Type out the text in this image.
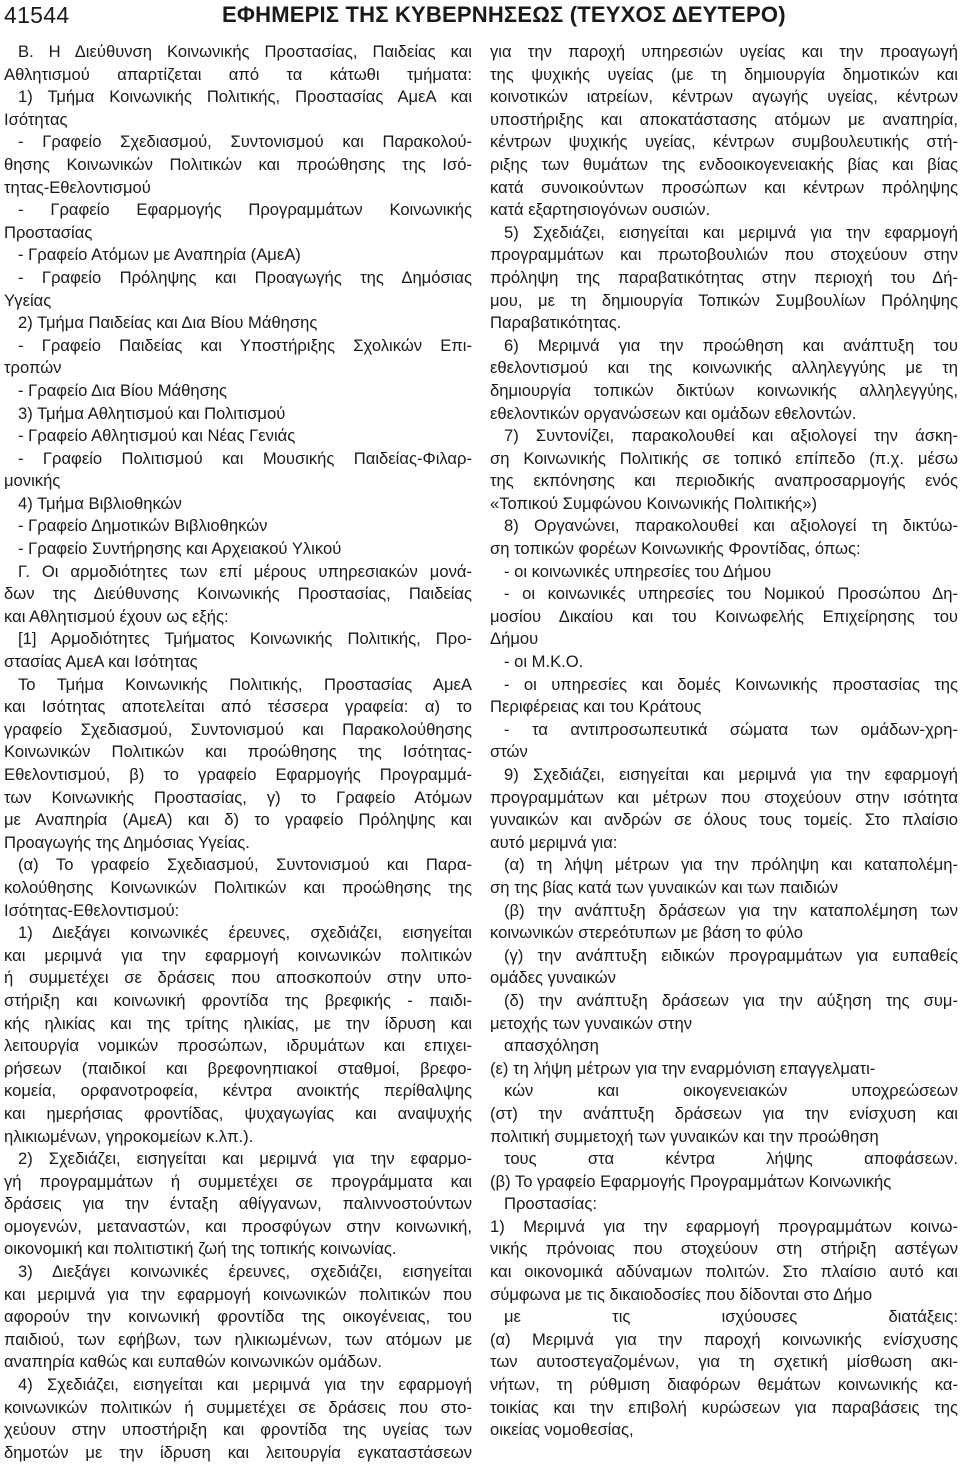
41544	ΕΦΗΜΕΡΙΣ ΤΗΣ ΚΥΒΕΡΝΗΣΕΩΣ (ΤΕΥΧΟΣ ΔΕΥΤΕΡΟ)
Β. Η Διεύθυνση Κοινωνικής Προστασίας, Παιδείας και
Αθλητισμού απαρτίζεται από τα κάτωθι τμήματα:
1) Τμήμα Κοινωνικής Πολιτικής, Προστασίας ΑμεΑ και
Ισότητας
- Γραφείο Σχεδιασμού, Συντονισμού και Παρακολού-
θησης Κοινωνικών Πολιτικών και προώθησης της Ισό-
τητας-Εθελοντισμού
- Γραφείο Εφαρμογής Προγραμμάτων Κοινωνικής
Προστασίας
- Γραφείο Ατόμων με Αναπηρία (ΑμεΑ)
- Γραφείο Πρόληψης και Προαγωγής της Δημόσιας
Υγείας
2) Τμήμα Παιδείας και Δια Βίου Μάθησης
- Γραφείο Παιδείας και Υποστήριξης Σχολικών Επι-
τροπών
- Γραφείο Δια Βίου Μάθησης
3) Τμήμα Αθλητισμού και Πολιτισμού
- Γραφείο Αθλητισμού και Νέας Γενιάς
- Γραφείο Πολιτισμού και Μουσικής Παιδείας-Φιλαρ-
μονικής
4) Τμήμα Βιβλιοθηκών
- Γραφείο Δημοτικών Βιβλιοθηκών
- Γραφείο Συντήρησης και Αρχειακού Υλικού
Γ. Οι αρμοδιότητες των επί μέρους υπηρεσιακών μονά-
δων της Διεύθυνσης Κοινωνικής Προστασίας, Παιδείας
και Αθλητισμού έχουν ως εξής:
[1] Αρμοδιότητες Τμήματος Κοινωνικής Πολιτικής, Προ-
στασίας ΑμεΑ και Ισότητας
Το Τμήμα Κοινωνικής Πολιτικής, Προστασίας ΑμεΑ
και Ισότητας αποτελείται από τέσσερα γραφεία: α) το
γραφείο Σχεδιασμού, Συντονισμού και Παρακολούθησης
Κοινωνικών Πολιτικών και προώθησης της Ισότητας-
Εθελοντισμού, β) το γραφείο Εφαρμογής Προγραμμά-
των Κοινωνικής Προστασίας, γ) το Γραφείο Ατόμων
με Αναπηρία (ΑμεΑ) και δ) το γραφείο Πρόληψης και
Προαγωγής της Δημόσιας Υγείας.
(α) Το γραφείο Σχεδιασμού, Συντονισμού και Παρα-
κολούθησης Κοινωνικών Πολιτικών και προώθησης της
Ισότητας-Εθελοντισμού:
1) Διεξάγει κοινωνικές έρευνες, σχεδιάζει, εισηγείται
και μεριμνά για την εφαρμογή κοινωνικών πολιτικών
ή συμμετέχει σε δράσεις που αποσκοπούν στην υπο-
στήριξη και κοινωνική φροντίδα της βρεφικής - παιδι-
κής ηλικίας και της τρίτης ηλικίας, με την ίδρυση και
λειτουργία νομικών προσώπων, ιδρυμάτων και επιχει-
ρήσεων (παιδικοί και βρεφονηπιακοί σταθμοί, βρεφο-
κομεία, ορφανοτροφεία, κέντρα ανοικτής περίθαλψης
και ημερήσιας φροντίδας, ψυχαγωγίας και αναψυχής
ηλικιωμένων, γηροκομείων κ.λπ.).
2) Σχεδιάζει, εισηγείται και μεριμνά για την εφαρμο-
γή προγραμμάτων ή συμμετέχει σε προγράμματα και
δράσεις για την ένταξη αθίγγανων, παλιννοστούντων
ομογενών, μεταναστών, και προσφύγων στην κοινωνική,
οικονομική και πολιτιστική ζωή της τοπικής κοινωνίας.
3) Διεξάγει κοινωνικές έρευνες, σχεδιάζει, εισηγείται
και μεριμνά για την εφαρμογή κοινωνικών πολιτικών που
αφορούν την κοινωνική φροντίδα της οικογένειας, του
παιδιού, των εφήβων, των ηλικιωμένων, των ατόμων με
αναπηρία καθώς και ευπαθών κοινωνικών ομάδων.
4) Σχεδιάζει, εισηγείται και μεριμνά για την εφαρμογή
κοινωνικών πολιτικών ή συμμετέχει σε δράσεις που στο-
χεύουν στην υποστήριξη και φροντίδα της υγείας των
δημοτών με την ίδρυση και λειτουργία εγκαταστάσεων
για την παροχή υπηρεσιών υγείας και την προαγωγή
της ψυχικής υγείας (με τη δημιουργία δημοτικών και
κοινοτικών ιατρείων, κέντρων αγωγής υγείας, κέντρων
υποστήριξης και αποκατάστασης ατόμων με αναπηρία,
κέντρων ψυχικής υγείας, κέντρων συμβουλευτικής στή-
ριξης των θυμάτων της ενδοοικογενειακής βίας και βίας
κατά συνοικούντων προσώπων και κέντρων πρόληψης
κατά εξαρτησιογόνων ουσιών.
5) Σχεδιάζει, εισηγείται και μεριμνά για την εφαρμογή
προγραμμάτων και πρωτοβουλιών που στοχεύουν στην
πρόληψη της παραβατικότητας στην περιοχή του Δή-
μου, με τη δημιουργία Τοπικών Συμβουλίων Πρόληψης
Παραβατικότητας.
6) Μεριμνά για την προώθηση και ανάπτυξη του
εθελοντισμού και της κοινωνικής αλληλεγγύης με τη
δημιουργία τοπικών δικτύων κοινωνικής αλληλεγγύης,
εθελοντικών οργανώσεων και ομάδων εθελοντών.
7) Συντονίζει, παρακολουθεί και αξιολογεί την άσκη-
ση Κοινωνικής Πολιτικής σε τοπικό επίπεδο (π.χ. μέσω
της εκπόνησης και περιοδικής αναπροσαρμογής ενός
«Τοπικού Συμφώνου Κοινωνικής Πολιτικής»)
8) Οργανώνει, παρακολουθεί και αξιολογεί τη δικτύω-
ση τοπικών φορέων Κοινωνικής Φροντίδας, όπως:
- οι κοινωνικές υπηρεσίες του Δήμου
- οι κοινωνικές υπηρεσίες του Νομικού Προσώπου Δη-
μοσίου Δικαίου και του Κοινωφελής Επιχείρησης του
Δήμου
- οι Μ.Κ.Ο.
- οι υπηρεσίες και δομές Κοινωνικής προστασίας της
Περιφέρειας και του Κράτους
- τα αντιπροσωπευτικά σώματα των ομάδων-χρη-
στών
9) Σχεδιάζει, εισηγείται και μεριμνά για την εφαρμογή
προγραμμάτων και μέτρων που στοχεύουν στην ισότητα
γυναικών και ανδρών σε όλους τους τομείς. Στο πλαίσιο
αυτό μεριμνά για:
(α) τη λήψη μέτρων για την πρόληψη και καταπολέμη-
ση της βίας κατά των γυναικών και των παιδιών
(β) την ανάπτυξη δράσεων για την καταπολέμηση των
κοινωνικών στερεότυπων με βάση το φύλο
(γ) την ανάπτυξη ειδικών προγραμμάτων για ευπαθείς
ομάδες γυναικών
(δ) την ανάπτυξη δράσεων για την αύξηση της συμ-
μετοχής των γυναικών στην
απασχόληση
(ε) τη λήψη μέτρων για την εναρμόνιση επαγγελματι-
κών και οικογενειακών υποχρεώσεων
(στ) την ανάπτυξη δράσεων για την ενίσχυση και
πολιτική συμμετοχή των γυναικών και την προώθηση
τους στα κέντρα λήψης αποφάσεων.
(β) Το γραφείο Εφαρμογής Προγραμμάτων Κοινωνικής
Προστασίας:
1) Μεριμνά για την εφαρμογή προγραμμάτων κοινω-
νικής πρόνοιας που στοχεύουν στη στήριξη αστέγων
και οικονομικά αδύναμων πολιτών. Στο πλαίσιο αυτό και
σύμφωνα με τις δικαιοδοσίες που δίδονται στο Δήμο
με τις ισχύουσες διατάξεις:
(α) Μεριμνά για την παροχή κοινωνικής ενίσχυσης
των αυτοστεγαζομένων, για τη σχετική μίσθωση ακι-
νήτων, τη ρύθμιση διαφόρων θεμάτων κοινωνικής κα-
τοικίας και την επιβολή κυρώσεων για παραβάσεις της
οικείας νομοθεσίας,
